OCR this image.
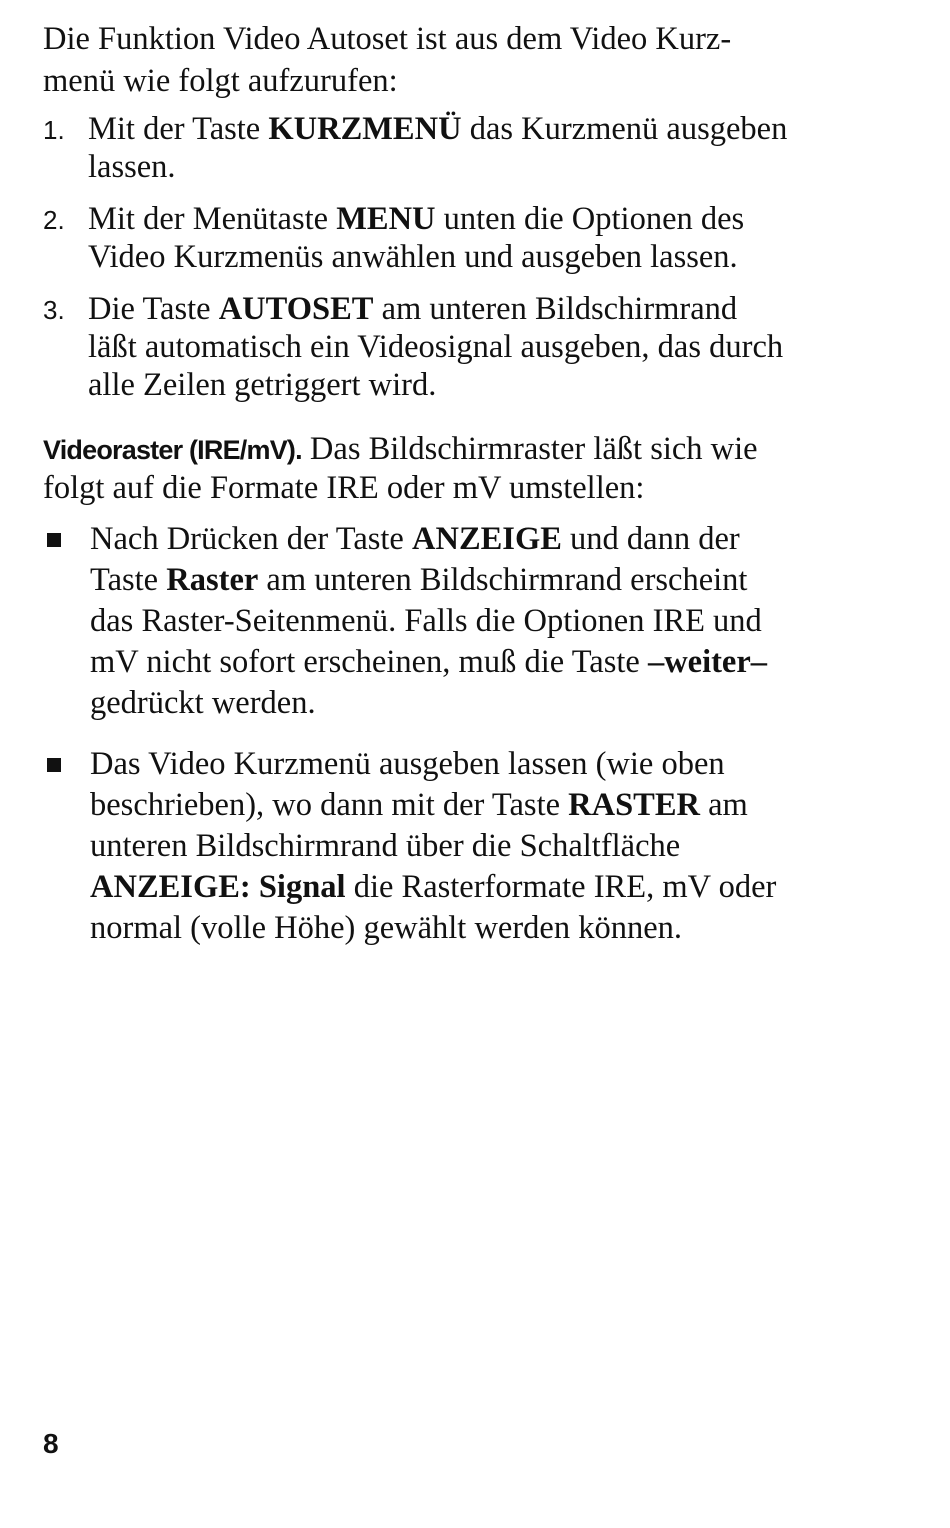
Die Funktion Video Autoset ist aus dem Video Kurz-
menü wie folgt aufzurufen:

1. Mit der Taste KURZMENÜ das Kurzmenü ausgeben
lassen.
2. Mit der Menütaste MENU unten die Optionen des
Video Kurzmenüs anwählen und ausgeben lassen.
3. Die Taste AUTOSET am unteren Bildschirmrand
läßt automatisch ein Videosignal ausgeben, das durch
alle Zeilen getriggert wird.

Videoraster (IRE/mV). Das Bildschirmraster läßt sich wie
folgt auf die Formate IRE oder mV umstellen:

Nach Drücken der Taste ANZEIGE und dann der
Taste Raster am unteren Bildschirmrand erscheint
das Raster-Seitenmenü. Falls die Optionen IRE und
mV nicht sofort erscheinen, muß die Taste –weiter–
gedrückt werden.
Das Video Kurzmenü ausgeben lassen (wie oben
beschrieben), wo dann mit der Taste RASTER am
unteren Bildschirmrand über die Schaltfläche
ANZEIGE: Signal die Rasterformate IRE, mV oder
normal (volle Höhe) gewählt werden können.
8
